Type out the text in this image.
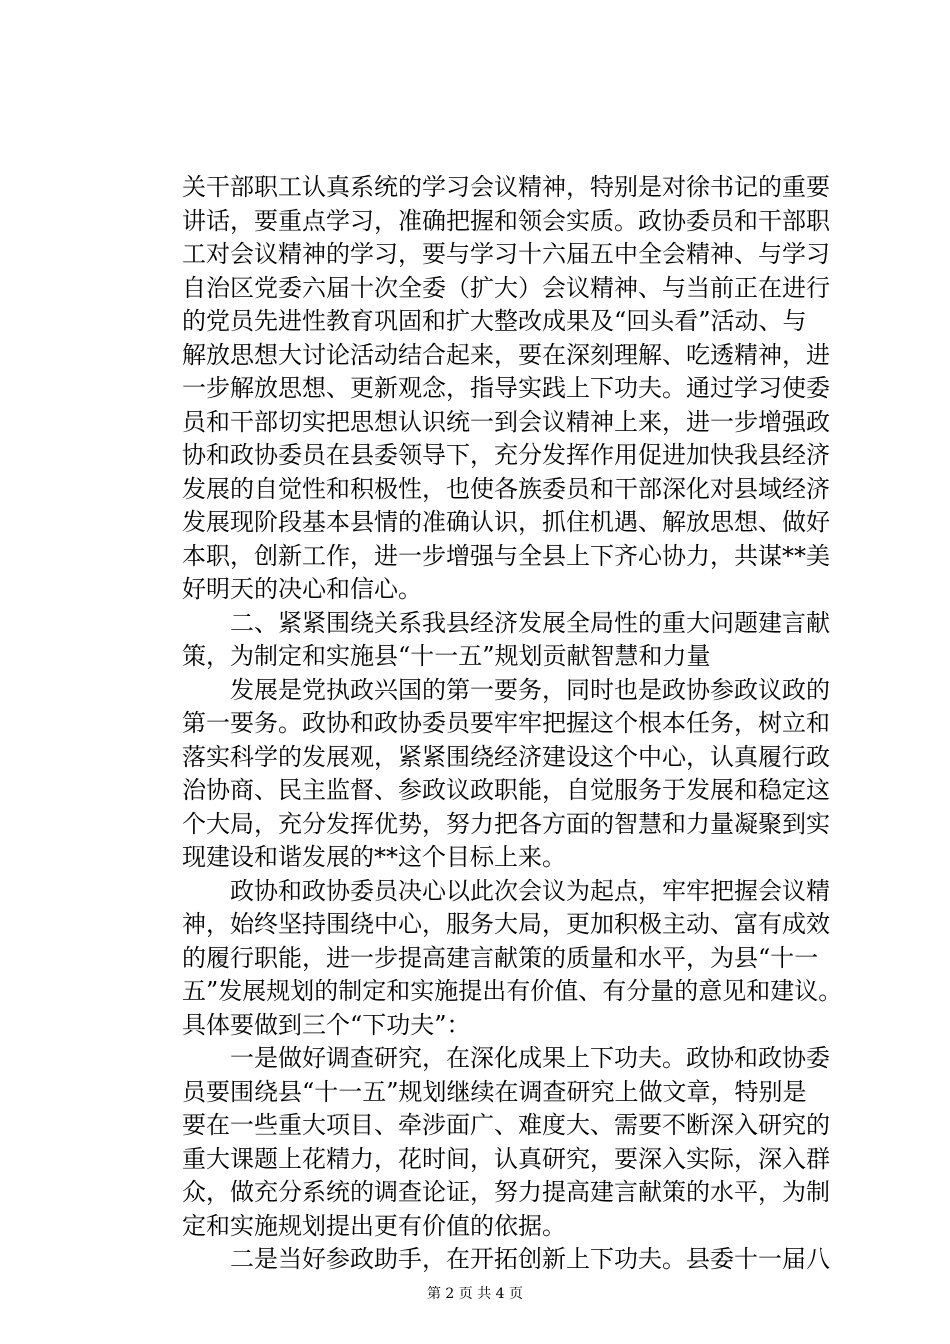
关干部职工认真系统的学习会议精神，特别是对徐书记的重要
讲话，要重点学习，准确把握和领会实质。政协委员和干部职
工对会议精神的学习，要与学习十六届五中全会精神、与学习
自治区党委六届十次全委（扩大）会议精神、与当前正在进行
的党员先进性教育巩固和扩大整改成果及“回头看”活动、与
解放思想大讨论活动结合起来，要在深刻理解、吃透精神，进
一步解放思想、更新观念，指导实践上下功夫。通过学习使委
员和干部切实把思想认识统一到会议精神上来，进一步增强政
协和政协委员在县委领导下，充分发挥作用促进加快我县经济
发展的自觉性和积极性，也使各族委员和干部深化对县域经济
发展现阶段基本县情的准确认识，抓住机遇、解放思想、做好
本职，创新工作，进一步增强与全县上下齐心协力，共谋**美
好明天的决心和信心。
　　二、紧紧围绕关系我县经济发展全局性的重大问题建言献
策，为制定和实施县“十一五”规划贡献智慧和力量
　　发展是党执政兴国的第一要务，同时也是政协参政议政的
第一要务。政协和政协委员要牢牢把握这个根本任务，树立和
落实科学的发展观，紧紧围绕经济建设这个中心，认真履行政
治协商、民主监督、参政议政职能，自觉服务于发展和稳定这
个大局，充分发挥优势，努力把各方面的智慧和力量凝聚到实
现建设和谐发展的**这个目标上来。
　　政协和政协委员决心以此次会议为起点，牢牢把握会议精
神，始终坚持围绕中心，服务大局，更加积极主动、富有成效
的履行职能，进一步提高建言献策的质量和水平，为县“十一
五”发展规划的制定和实施提出有价值、有分量的意见和建议。
具体要做到三个“下功夫”：
　　一是做好调查研究，在深化成果上下功夫。政协和政协委
员要围绕县“十一五”规划继续在调查研究上做文章，特别是
要在一些重大项目、牵涉面广、难度大、需要不断深入研究的
重大课题上花精力，花时间，认真研究，要深入实际，深入群
众，做充分系统的调查论证，努力提高建言献策的水平，为制
定和实施规划提出更有价值的依据。
　　二是当好参政助手，在开拓创新上下功夫。县委十一届八
第 2 页 共 4 页
